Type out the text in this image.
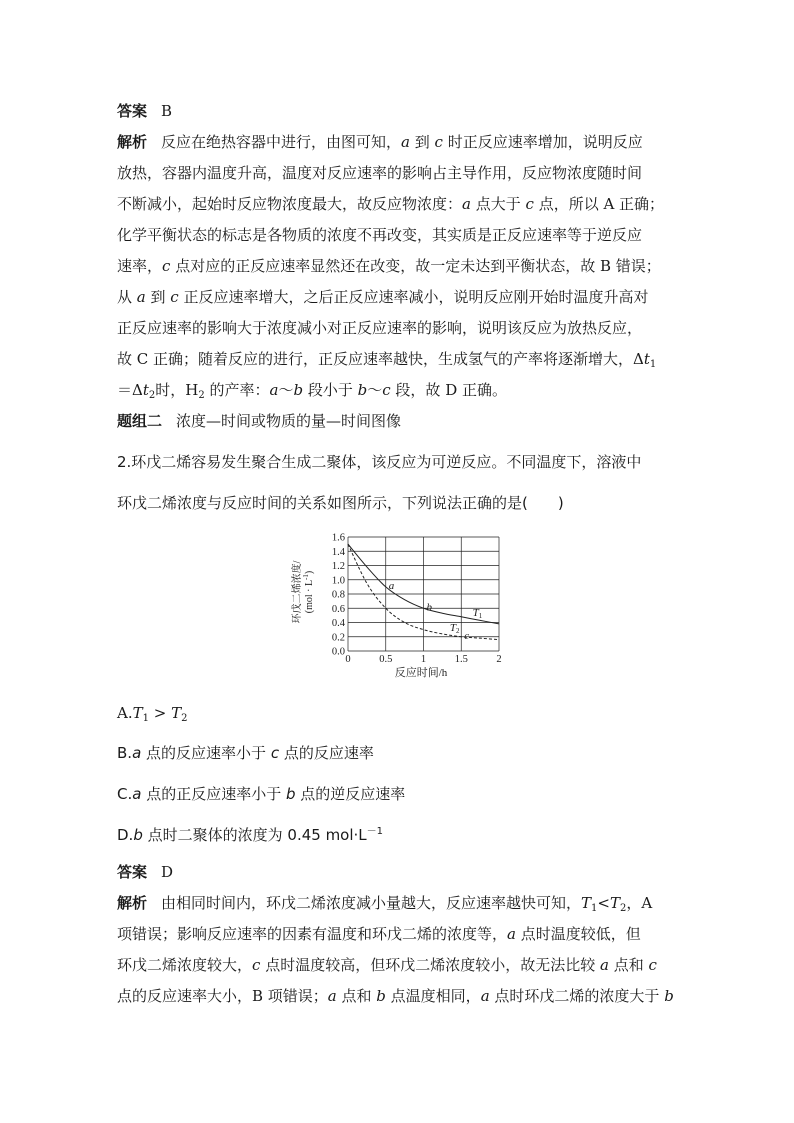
答案 B
解析 反应在绝热容器中进行，由图可知，a 到 c 时正反应速率增加，说明反应
放热，容器内温度升高，温度对反应速率的影响占主导作用，反应物浓度随时间
不断减小，起始时反应物浓度最大，故反应物浓度：a 点大于 c 点，所以 A 正确；
化学平衡状态的标志是各物质的浓度不再改变，其实质是正反应速率等于逆反应
速率，c 点对应的正反应速率显然还在改变，故一定未达到平衡状态，故 B 错误；
从 a 到 c 正反应速率增大，之后正反应速率减小，说明反应刚开始时温度升高对
正反应速率的影响大于浓度减小对正反应速率的影响，说明该反应为放热反应，
故 C 正确；随着反应的进行，正反应速率越快，生成氢气的产率将逐渐增大，$\Delta t_1$
$=\Delta t_2$时，$H_2$ 的产率：a～b 段小于 b～c 段，故 D 正确。
题组二 浓度—时间或物质的量—时间图像
2.环戊二烯容易发生聚合生成二聚体，该反应为可逆反应。不同温度下，溶液中
环戊二烯浓度与反应时间的关系如图所示，下列说法正确的是(　　)
0.0
0.2
0.4
0.6
0.8
1.0
1.2
1.4
1.6
0	0.5	1	1.5	2
a
b
c
T1
T2
环戊二烯浓度/ $(mol \cdot L^{-1})$
反应时间/h
$A.T_1 > T_2$
B.a 点的反应速率小于 c 点的反应速率
C.a 点的正反应速率小于 b 点的逆反应速率
D.b 点时二聚体的浓度为 0.45 $mol\cdot L^{-1}$
答案 D
解析 由相同时间内，环戊二烯浓度减小量越大，反应速率越快可知，$T_1<T_2$，A
项错误；影响反应速率的因素有温度和环戊二烯的浓度等，a 点时温度较低，但
环戊二烯浓度较大，c 点时温度较高，但环戊二烯浓度较小，故无法比较 a 点和 c
点的反应速率大小，B 项错误；a 点和 b 点温度相同，a 点时环戊二烯的浓度大于 b
